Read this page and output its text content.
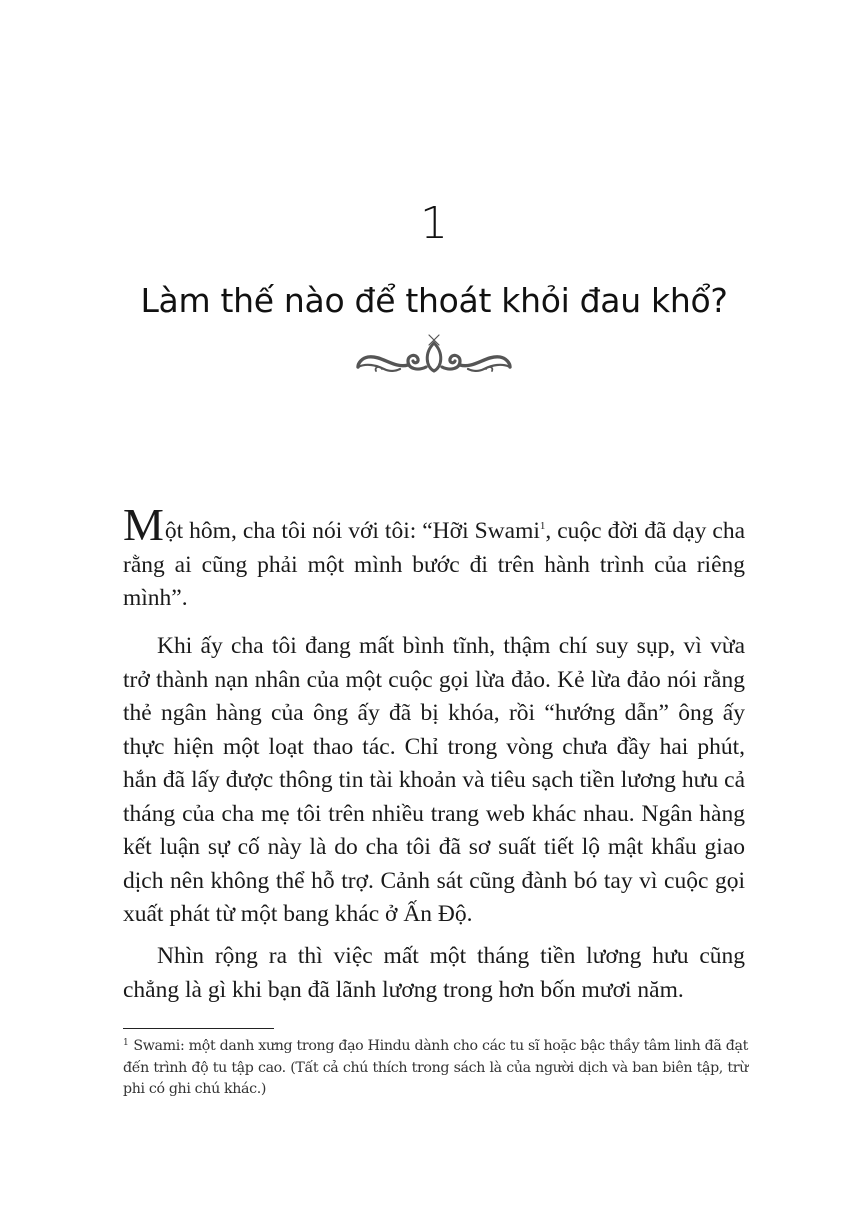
1
Làm thế nào để thoát khỏi đau khổ?

Một hôm, cha tôi nói với tôi: “Hỡi Swami$^1$, cuộc đời đã dạy cha rằng ai cũng phải một mình bước đi trên hành trình của riêng mình”.

Khi ấy cha tôi đang mất bình tĩnh, thậm chí suy sụp, vì vừa trở thành nạn nhân của một cuộc gọi lừa đảo. Kẻ lừa đảo nói rằng thẻ ngân hàng của ông ấy đã bị khóa, rồi “hướng dẫn” ông ấy thực hiện một loạt thao tác. Chỉ trong vòng chưa đầy hai phút, hắn đã lấy được thông tin tài khoản và tiêu sạch tiền lương hưu cả tháng của cha mẹ tôi trên nhiều trang web khác nhau. Ngân hàng kết luận sự cố này là do cha tôi đã sơ suất tiết lộ mật khẩu giao dịch nên không thể hỗ trợ. Cảnh sát cũng đành bó tay vì cuộc gọi xuất phát từ một bang khác ở Ấn Độ.

Nhìn rộng ra thì việc mất một tháng tiền lương hưu cũng chẳng là gì khi bạn đã lãnh lương trong hơn bốn mươi năm.

$^1$ Swami: một danh xưng trong đạo Hindu dành cho các tu sĩ hoặc bậc thầy tâm linh đã đạt đến trình độ tu tập cao. (Tất cả chú thích trong sách là của người dịch và ban biên tập, trừ phi có ghi chú khác.)
